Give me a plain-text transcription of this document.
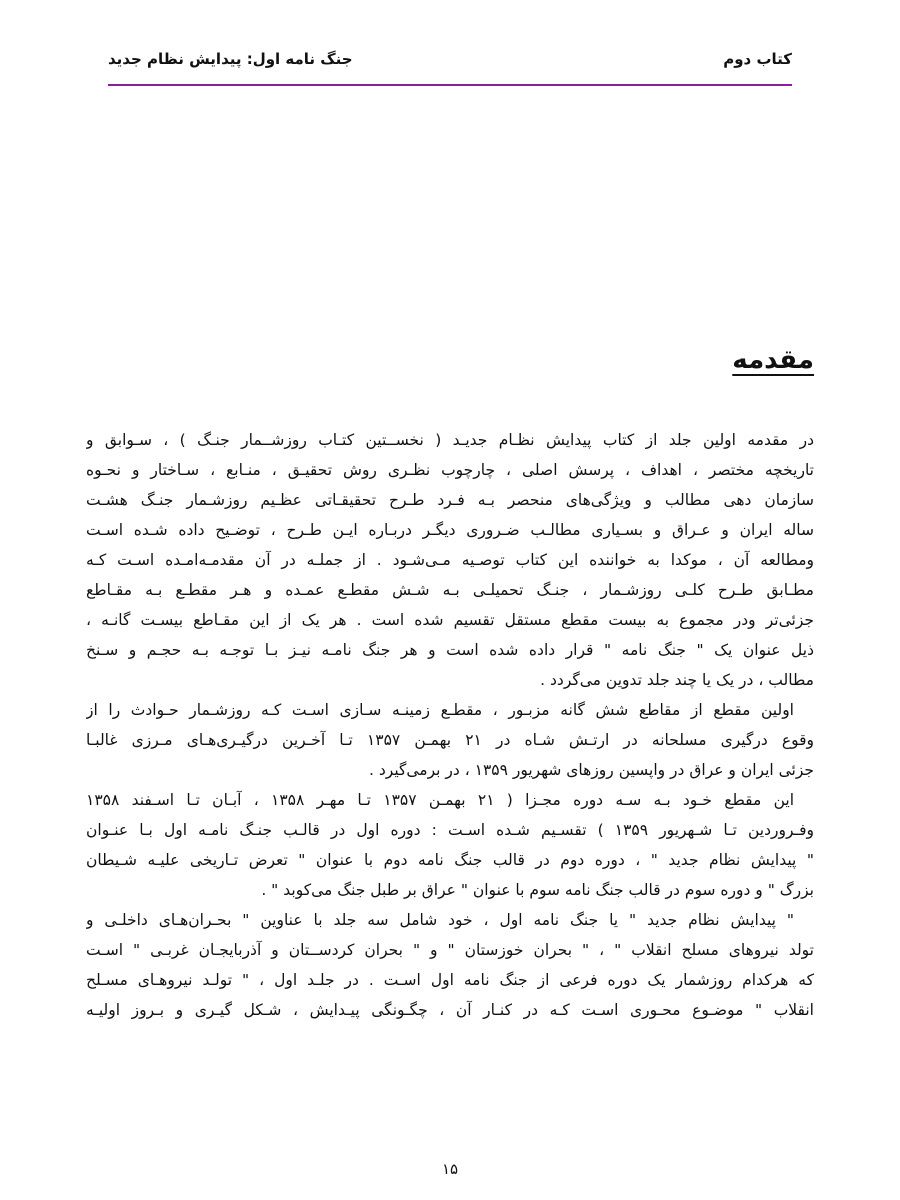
کتاب دوم
جنگ نامه اول: پیدایش نظام جدید
مقدمه
در مقدمه اولین جلد از کتاب پیدایش نظـام جدیـد ( نخســتین کتـاب روزشــمار جنـگ ) ، سـوابق و
تاریخچه مختصر ، اهداف ، پرسش اصلی ، چارچوب نظـری روش تحقیـق ، منـابع ، سـاختار و نحـوه
سازمان دهی مطالب و ویژگی‌های منحصر بـه فـرد طـرح تحقیقـاتی عظـیم روزشـمار جنـگ هشـت
ساله ایران و عـراق و بسـیاری مطالـب ضـروری دیگـر دربـاره ایـن طـرح ، توضـیح داده شـده اسـت
ومطالعه آن ، موکدا به خواننده این کتاب توصـیه مـی‌شـود . از جملـه در آن مقدمـه‌امـده اسـت کـه
مطـابق طـرح کلـی روزشـمار ، جنـگ تحمیلـی بـه شـش مقطـع عمـده و هـر مقطـع بـه مقـاطع
جزئی‌تر ودر مجموع به بیست مقطع مستقل تقسیم شده است . هر یک از این مقـاطع بیسـت گانـه ،
ذیل عنوان یک " جنگ نامه " قرار داده شده است و هر جنگ نامـه نیـز بـا توجـه بـه حجـم و سـنخ
مطالب ، در یک یا چند جلد تدوین می‌گردد .
اولین مقطع از مقاطع شش گانه مزبـور ، مقطـع زمینـه سـازی اسـت کـه روزشـمار حـوادث را از
وقوع درگیری مسلحانه در ارتـش شـاه در ۲۱ بهمـن ۱۳۵۷ تـا آخـرین درگیـری‌هـای مـرزی غالبـا
جزئی ایران و عراق در واپسین روزهای شهریور ۱۳۵۹ ، در برمی‌گیرد .
این مقطع خـود بـه سـه دوره مجـزا ( ۲۱ بهمـن ۱۳۵۷ تـا مهـر ۱۳۵۸ ، آبـان تـا اسـفند ۱۳۵۸
وفـروردین تـا شـهریور ۱۳۵۹ ) تقسـیم شـده اسـت : دوره اول در قالـب جنـگ نامـه اول بـا عنـوان
" پیدایش نظام جدید " ، دوره دوم در قالب جنگ نامه دوم با عنوان " تعرض تـاریخی علیـه شـیطان
بزرگ " و دوره سوم در قالب جنگ نامه سوم با عنوان " عراق بر طبل جنگ می‌کوبد " .
" پیدایش نظام جدید " یا جنگ نامه اول ، خود شامل سه جلد با عناوین " بحـران‌هـای داخلـی و
تولد نیروهای مسلح انقلاب " ، " بحران خوزستان " و " بحران کردســتان و آذربایجـان غربـی " اسـت
که هرکدام روزشمار یک دوره فرعی از جنگ نامه اول اسـت . در جلـد اول ، " تولـد نیروهـای مسـلح
انقلاب " موضـوع محـوری اسـت کـه در کنـار آن ، چگـونگی پیـدایش ، شـکل گیـری و بـروز اولیـه
۱۵
